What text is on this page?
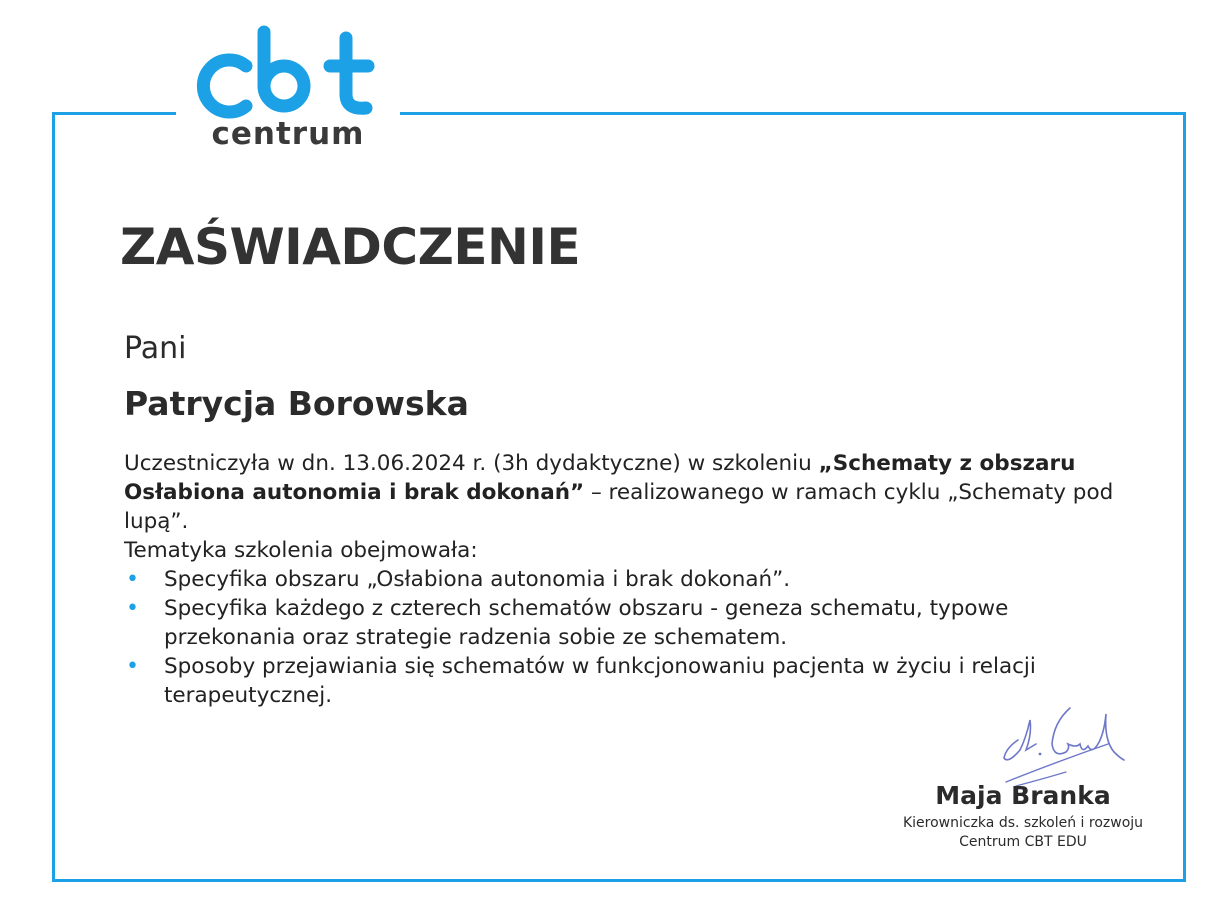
centrum
ZAŚWIADCZENIE
Pani
Patrycja Borowska

Uczestniczyła w dn. 13.06.2024 r. (3h dydaktyczne) w szkoleniu „Schematy z obszaru Osłabiona autonomia i brak dokonań” – realizowanego w ramach cyklu „Schematy pod lupą”.

Tematyka szkolenia obejmowała:

• Specyfika obszaru „Osłabiona autonomia i brak dokonań”.
• Specyfika każdego z czterech schematów obszaru - geneza schematu, typowe przekonania oraz strategie radzenia sobie ze schematem.
• Sposoby przejawiania się schematów w funkcjonowaniu pacjenta w życiu i relacji terapeutycznej.
Maja Branka
Kierowniczka ds. szkoleń i rozwoju
Centrum CBT EDU
